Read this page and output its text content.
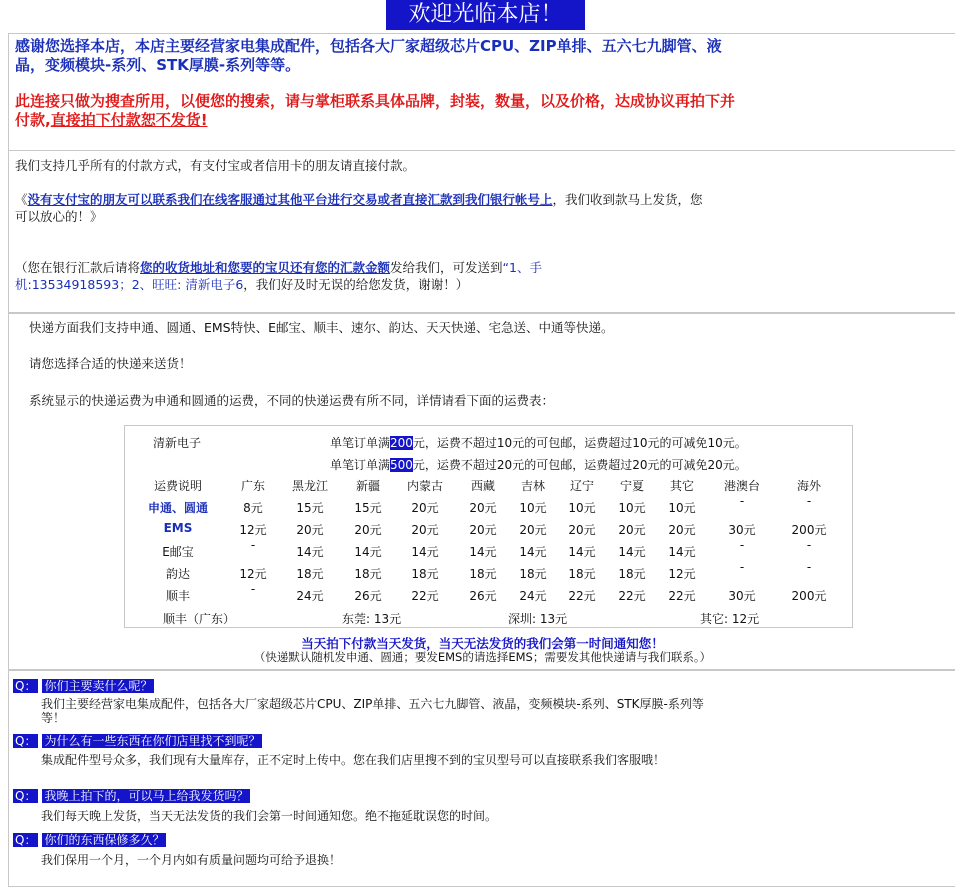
欢迎光临本店！
感谢您选择本店，本店主要经营家电集成配件，包括各大厂家超级芯片CPU、ZIP单排、五六七九脚管、液晶，变频模块-系列、STK厚膜-系列等等。
此连接只做为搜查所用，以便您的搜索，请与掌柜联系具体品牌，封装，数量，以及价格，达成协议再拍下并付款,直接拍下付款恕不发货!
我们支持几乎所有的付款方式，有支付宝或者信用卡的朋友请直接付款。
《没有支付宝的朋友可以联系我们在线客服通过其他平台进行交易或者直接汇款到我们银行帐号上，我们收到款马上发货，您可以放心的！》
（您在银行汇款后请将您的收货地址和您要的宝贝还有您的汇款金额发给我们，可发送到“1、手机:13534918593；2、旺旺: 清新电子6，我们好及时无误的给您发货，谢谢！）
快递方面我们支持申通、圆通、EMS特快、E邮宝、顺丰、速尔、韵达、天天快递、宅急送、中通等快递。
请您选择合适的快递来送货！
系统显示的快递运费为申通和圆通的运费，不同的快递运费有所不同，详情请看下面的运费表：
清新电子	单笔订单满200元，运费不超过10元的可包邮，运费超过10元的可减免10元。
单笔订单满500元，运费不超过20元的可包邮，运费超过20元的可减免20元。
顺丰（广东）	东莞: 13元	深圳: 13元	其它: 12元
运费说明	广东	黑龙江	新疆	内蒙古	西藏	吉林	辽宁	宁夏	其它	港澳台	海外
申通、圆通	8元	15元	15元	20元	20元	10元	10元	10元	10元	-	-
EMS	12元	20元	20元	20元	20元	20元	20元	20元	20元	30元	200元
E邮宝	-	14元	14元	14元	14元	14元	14元	14元	14元	-	-
韵达	12元	18元	18元	18元	18元	18元	18元	18元	12元	-	-
顺丰	-	24元	26元	22元	26元	24元	22元	22元	22元	30元	200元
当天拍下付款当天发货，当天无法发货的我们会第一时间通知您！
（快递默认随机发申通、圆通；要发EMS的请选择EMS；需要发其他快递请与我们联系。）
Q： 你们主要卖什么呢？
我们主要经营家电集成配件，包括各大厂家超级芯片CPU、ZIP单排、五六七九脚管、液晶，变频模块-系列、STK厚膜-系列等等！
Q： 为什么有一些东西在你们店里找不到呢？
集成配件型号众多，我们现有大量库存，正不定时上传中。您在我们店里搜不到的宝贝型号可以直接联系我们客服哦！
Q： 我晚上拍下的，可以马上给我发货吗？
我们每天晚上发货，当天无法发货的我们会第一时间通知您。绝不拖延耽误您的时间。
Q： 你们的东西保修多久？
我们保用一个月，一个月内如有质量问题均可给予退换！
